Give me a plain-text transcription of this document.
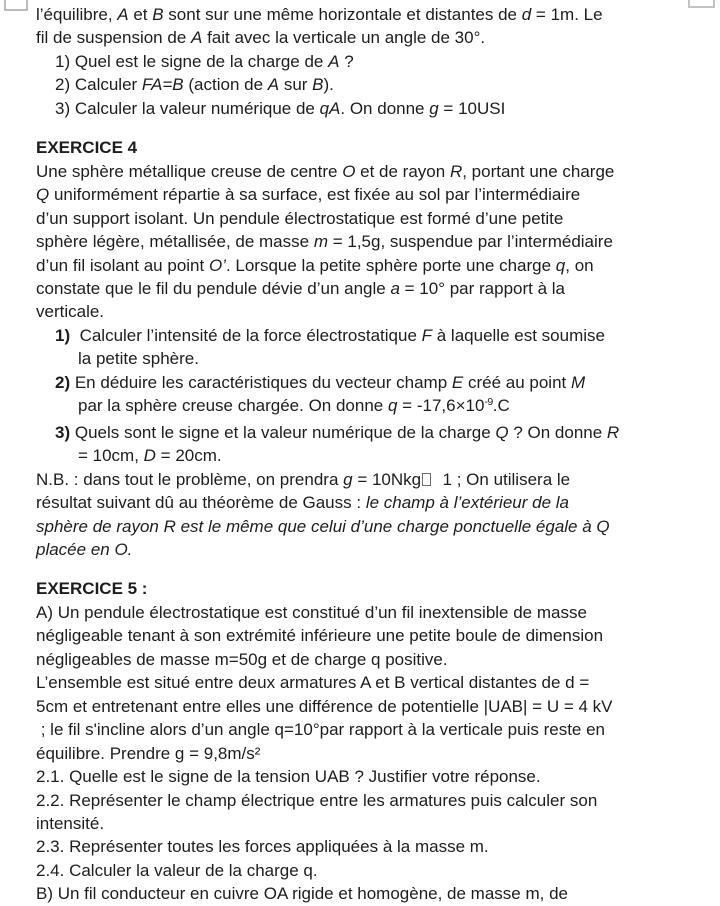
l’équilibre, A et B sont sur une même horizontale et distantes de d = 1m. Le
fil de suspension de A fait avec la verticale un angle de 30°.
1) Quel est le signe de la charge de A ?
2) Calculer FA=B (action de A sur B).
3) Calculer la valeur numérique de qA. On donne g = 10USI
EXERCICE 4
Une sphère métallique creuse de centre O et de rayon R, portant une charge
Q uniformément répartie à sa surface, est fixée au sol par l’intermédiaire
d’un support isolant. Un pendule électrostatique est formé d’une petite
sphère légère, métallisée, de masse m = 1,5g, suspendue par l’intermédiaire
d’un fil isolant au point O’. Lorsque la petite sphère porte une charge q, on
constate que le fil du pendule dévie d’un angle a = 10° par rapport à la
verticale.
1)  Calculer l’intensité de la force électrostatique F à laquelle est soumise
la petite sphère.
2) En déduire les caractéristiques du vecteur champ E créé au point M
par la sphère creuse chargée. On donne $q = -17,6\times 10^{-9}.C$
3) Quels sont le signe et la valeur numérique de la charge Q ? On donne R
= 10cm, D = 20cm.
N.B. : dans tout le problème, on prendra g = 10Nkg  1 ; On utilisera le
résultat suivant dû au théorème de Gauss : le champ à l’extérieur de la
sphère de rayon R est le même que celui d’une charge ponctuelle égale à Q
placée en O.
EXERCICE 5 :
A) Un pendule électrostatique est constitué d’un fil inextensible de masse
négligeable tenant à son extrémité inférieure une petite boule de dimension
négligeables de masse m=50g et de charge q positive.
L’ensemble est situé entre deux armatures A et B vertical distantes de d =
5cm et entretenant entre elles une différence de potentielle |UAB| = U = 4 kV
; le fil s'incline alors d’un angle q=10°par rapport à la verticale puis reste en
équilibre. Prendre g = 9,8m/s²
2.1. Quelle est le signe de la tension UAB ? Justifier votre réponse.
2.2. Représenter le champ électrique entre les armatures puis calculer son
intensité.
2.3. Représenter toutes les forces appliquées à la masse m.
2.4. Calculer la valeur de la charge q.
B) Un fil conducteur en cuivre OA rigide et homogène, de masse m, de
